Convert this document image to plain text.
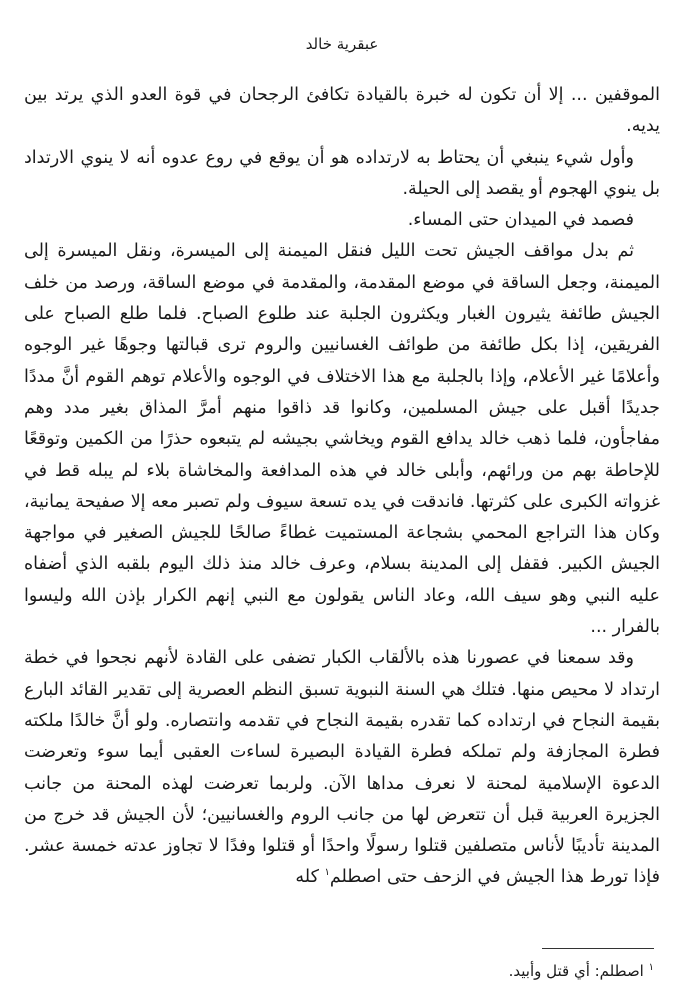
عبقرية خالد

الموقفين ... إلا أن تكون له خبرة بالقيادة تكافئ الرجحان في قوة العدو الذي يرتد بين يديه.

وأول شيء ينبغي أن يحتاط به لارتداده هو أن يوقع في روع عدوه أنه لا ينوي الارتداد بل ينوي الهجوم أو يقصد إلى الحيلة.

فصمد في الميدان حتى المساء.

ثم بدل مواقف الجيش تحت الليل فنقل الميمنة إلى الميسرة، ونقل الميسرة إلى الميمنة، وجعل الساقة في موضع المقدمة، والمقدمة في موضع الساقة، ورصد من خلف الجيش طائفة يثيرون الغبار ويكثرون الجلبة عند طلوع الصباح. فلما طلع الصباح على الفريقين، إذا بكل طائفة من طوائف الغسانيين والروم ترى قبالتها وجوهًا غير الوجوه وأعلامًا غير الأعلام، وإذا بالجلبة مع هذا الاختلاف في الوجوه والأعلام توهم القوم أنَّ مددًا جديدًا أقبل على جيش المسلمين، وكانوا قد ذاقوا منهم أمرَّ المذاق بغير مدد وهم مفاجأون، فلما ذهب خالد يدافع القوم ويخاشي بجيشه لم يتبعوه حذرًا من الكمين وتوقعًا للإحاطة بهم من ورائهم، وأبلى خالد في هذه المدافعة والمخاشاة بلاء لم يبله قط في غزواته الكبرى على كثرتها. فاندقت في يده تسعة سيوف ولم تصبر معه إلا صفيحة يمانية، وكان هذا التراجع المحمي بشجاعة المستميت غطاءً صالحًا للجيش الصغير في مواجهة الجيش الكبير. فقفل إلى المدينة بسلام، وعرف خالد منذ ذلك اليوم بلقبه الذي أضفاه عليه النبي وهو سيف الله، وعاد الناس يقولون مع النبي إنهم الكرار بإذن الله وليسوا بالفرار ...

وقد سمعنا في عصورنا هذه بالألقاب الكبار تضفى على القادة لأنهم نجحوا في خطة ارتداد لا محيص منها. فتلك هي السنة النبوية تسبق النظم العصرية إلى تقدير القائد البارع بقيمة النجاح في ارتداده كما تقدره بقيمة النجاح في تقدمه وانتصاره. ولو أنَّ خالدًا ملكته فطرة المجازفة ولم تملكه فطرة القيادة البصيرة لساءت العقبى أيما سوء وتعرضت الدعوة الإسلامية لمحنة لا نعرف مداها الآن. ولربما تعرضت لهذه المحنة من جانب الجزيرة العربية قبل أن تتعرض لها من جانب الروم والغسانيين؛ لأن الجيش قد خرج من المدينة تأديبًا لأناس متصلفين قتلوا رسولًا واحدًا أو قتلوا وفدًا لا تجاوز عدته خمسة عشر. فإذا تورط هذا الجيش في الزحف حتى اصطلم$^١$ كله

$^١$ اصطلم: أي قتل وأبيد.
